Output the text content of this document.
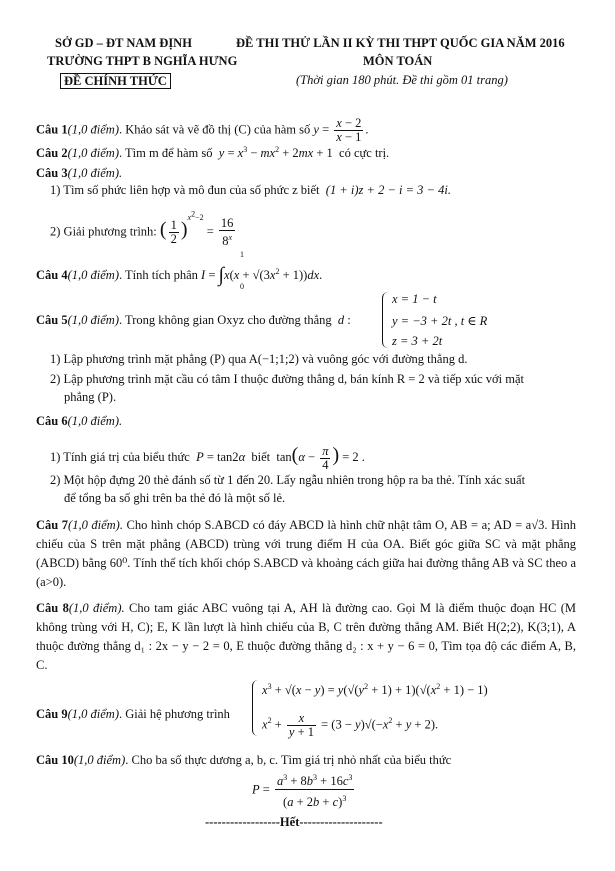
SỞ GD – ĐT NAM ĐỊNH
TRƯỜNG THPT B NGHĨA HƯNG
ĐỀ CHÍNH THỨC
ĐỀ THI THỬ LẦN II KỲ THI THPT QUỐC GIA NĂM 2016
MÔN TOÁN
(Thời gian 180 phút. Đề thi gồm 01 trang)
Câu 1(1,0 điểm). Khảo sát và vẽ đồ thị (C) của hàm số $y = \frac{x - 2}{x - 1}$ .
Câu 2(1,0 điểm). Tìm m để hàm số $y = x^3 - mx^2 + 2mx + 1$  có cực trị.
Câu 3(1,0 điểm).
1) Tìm số phức liên hợp và mô đun của số phức z biết (1 + i)z + 2 − i = 3 − 4i.
2) Giải phương trình: ( $\frac{1}{2} )^{x^2-2} = \frac{16}{8^x}$
Câu 4(1,0 điểm). Tính tích phân $I = \int x(x + √(3x^2 + 1))dx$.
1
0
Câu 5(1,0 điểm). Trong không gian Oxyz cho đường thẳng d :
x = 1 − t
y = −3 + 2t , t ∈ R
z = 3 + 2t
1) Lập phương trình mặt phẳng (P) qua A(−1;1;2) và vuông góc với đường thẳng d.
2) Lập phương trình mặt cầu có tâm I thuộc đường thẳng d, bán kính R = 2 và tiếp xúc với mặt
phẳng (P).
Câu 6(1,0 điểm).
1) Tính giá trị của biểu thức P = tan2α  biết  $\tan(\alpha - \frac{\pi}{4}$ ) = 2 .
2) Một hộp đựng 20 thẻ đánh số từ 1 đến 20. Lấy ngẫu nhiên trong hộp ra ba thẻ. Tính xác suất
để tổng ba số ghi trên ba thẻ đó là một số lẻ.
Câu 7(1,0 điểm). Cho hình chóp S.ABCD có đáy ABCD là hình chữ nhật tâm O, AB = a; AD = a√3. Hình chiếu của S trên mặt phẳng (ABCD) trùng với trung điểm H của OA. Biết góc giữa SC và mặt phẳng (ABCD) bằng 60⁰. Tính thể tích khối chóp S.ABCD và khoảng cách giữa hai đường thẳng AB và SC theo a (a>0).
Câu 8(1,0 điểm). Cho tam giác ABC vuông tại A, AH là đường cao. Gọi M là điểm thuộc đoạn HC (M không trùng với H, C); E, K lần lượt là hình chiếu của B, C trên đường thẳng AM. Biết H(2;2), K(3;1), A thuộc đường thẳng d₁ : 2x − y − 2 = 0, E thuộc đường thẳng d₂ : x + y − 6 = 0, Tìm tọa độ các điểm A, B, C.
Câu 9(1,0 điểm). Giải hệ phương trình
$x^3 + √(x - y) = y(√(y^2 + 1) + 1)(√(x^2 + 1) - 1)$
$x^2 + \frac{x}{y + 1} = (3 - y)√(-x^2 + y + 2)$.
Câu 10(1,0 điểm). Cho ba số thực dương a, b, c. Tìm giá trị nhỏ nhất của biểu thức
$P = \frac{a^3 + 8b^3 + 16c^3}{(a + 2b + c)^3}$
------------------Hết--------------------
